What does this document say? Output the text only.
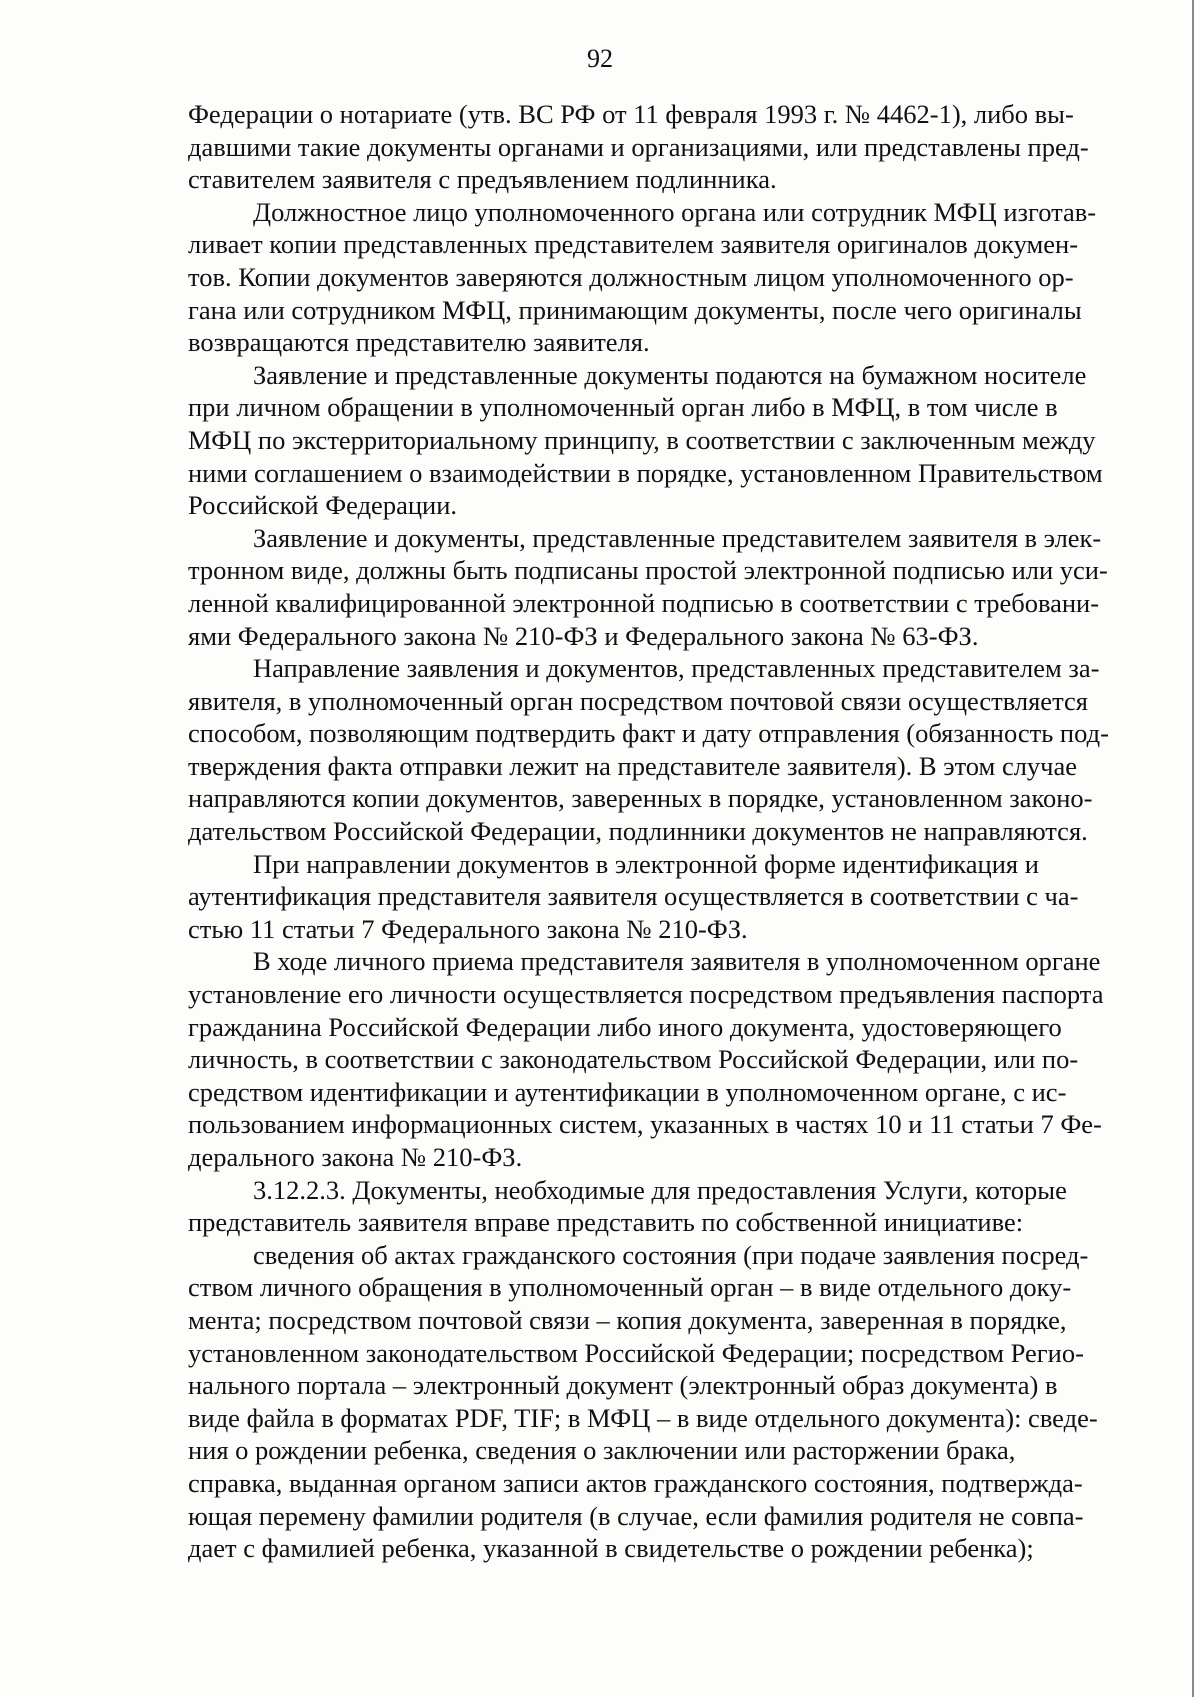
92

Федерации о нотариате (утв. ВС РФ от 11 февраля 1993 г. № 4462-1), либо вы-
давшими такие документы органами и организациями, или представлены пред-
ставителем заявителя с предъявлением подлинника.

Должностное лицо уполномоченного органа или сотрудник МФЦ изготав-
ливает копии представленных представителем заявителя оригиналов докумен-
тов. Копии документов заверяются должностным лицом уполномоченного ор-
гана или сотрудником МФЦ, принимающим документы, после чего оригиналы
возвращаются представителю заявителя.

Заявление и представленные документы подаются на бумажном носителе
при личном обращении в уполномоченный орган либо в МФЦ, в том числе в
МФЦ по экстерриториальному принципу, в соответствии с заключенным между
ними соглашением о взаимодействии в порядке, установленном Правительством
Российской Федерации.

Заявление и документы, представленные представителем заявителя в элек-
тронном виде, должны быть подписаны простой электронной подписью или уси-
ленной квалифицированной электронной подписью в соответствии с требовани-
ями Федерального закона № 210-ФЗ и Федерального закона № 63-ФЗ.

Направление заявления и документов, представленных представителем за-
явителя, в уполномоченный орган посредством почтовой связи осуществляется
способом, позволяющим подтвердить факт и дату отправления (обязанность под-
тверждения факта отправки лежит на представителе заявителя). В этом случае
направляются копии документов, заверенных в порядке, установленном законо-
дательством Российской Федерации, подлинники документов не направляются.

При направлении документов в электронной форме идентификация и
аутентификация представителя заявителя осуществляется в соответствии с ча-
стью 11 статьи 7 Федерального закона № 210-ФЗ.

В ходе личного приема представителя заявителя в уполномоченном органе
установление его личности осуществляется посредством предъявления паспорта
гражданина Российской Федерации либо иного документа, удостоверяющего
личность, в соответствии с законодательством Российской Федерации, или по-
средством идентификации и аутентификации в уполномоченном органе, с ис-
пользованием информационных систем, указанных в частях 10 и 11 статьи 7 Фе-
дерального закона № 210-ФЗ.

3.12.2.3. Документы, необходимые для предоставления Услуги, которые
представитель заявителя вправе представить по собственной инициативе:

сведения об актах гражданского состояния (при подаче заявления посред-
ством личного обращения в уполномоченный орган – в виде отдельного доку-
мента; посредством почтовой связи – копия документа, заверенная в порядке,
установленном законодательством Российской Федерации; посредством Регио-
нального портала – электронный документ (электронный образ документа) в
виде файла в форматах PDF, TIF; в МФЦ – в виде отдельного документа): сведе-
ния о рождении ребенка, сведения о заключении или расторжении брака,
справка, выданная органом записи актов гражданского состояния, подтвержда-
ющая перемену фамилии родителя (в случае, если фамилия родителя не совпа-
дает с фамилией ребенка, указанной в свидетельстве о рождении ребенка);
